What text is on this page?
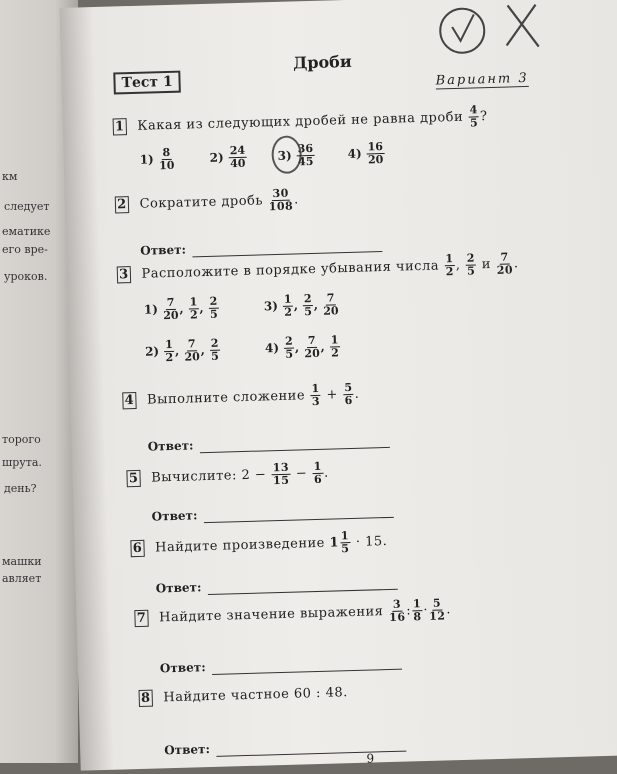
км
следует
ематике
его вре-
уроков.
торого
шрута.
день?
машки
авляет
Дроби
Тест 1	Вариант 3
1 Какая из следующих дробей не равна дроби $\frac{4}{5}$ ?
$1) \frac{8}{10}$	$2) \frac{24}{40}$	$3) \frac{36}{45}$	$4) \frac{16}{20}$
2 Сократите дробь $\frac{30}{108}$ .
Ответ:
3 Расположите в порядке убывания числа $\frac{1}{2}$ , $\frac{2}{5}$ и $\frac{7}{20}$ .
$1) \frac{7}{20}$ , $\frac{1}{2}$ , $\frac{2}{5}$	$3) \frac{1}{2}$ , $\frac{2}{5}$ , $\frac{7}{20}$
$2) \frac{1}{2}$ , $\frac{7}{20}$ , $\frac{2}{5}$	$4) \frac{2}{5}$ , $\frac{7}{20}$ , $\frac{1}{2}$
4 Выполните сложение $\frac{1}{3} + \frac{5}{6}$ .
Ответ:
5 Вычислите: $2 - \frac{13}{15} - \frac{1}{6}$ .
Ответ:
6 Найдите произведение $1 \frac{1}{5} \cdot 15$.
Ответ:
7 Найдите значение выражения $\frac{3}{16}$ : $\frac{1}{8} \cdot \frac{5}{12}$ .
Ответ:
8 Найдите частное 60 : 48.
Ответ:
9
